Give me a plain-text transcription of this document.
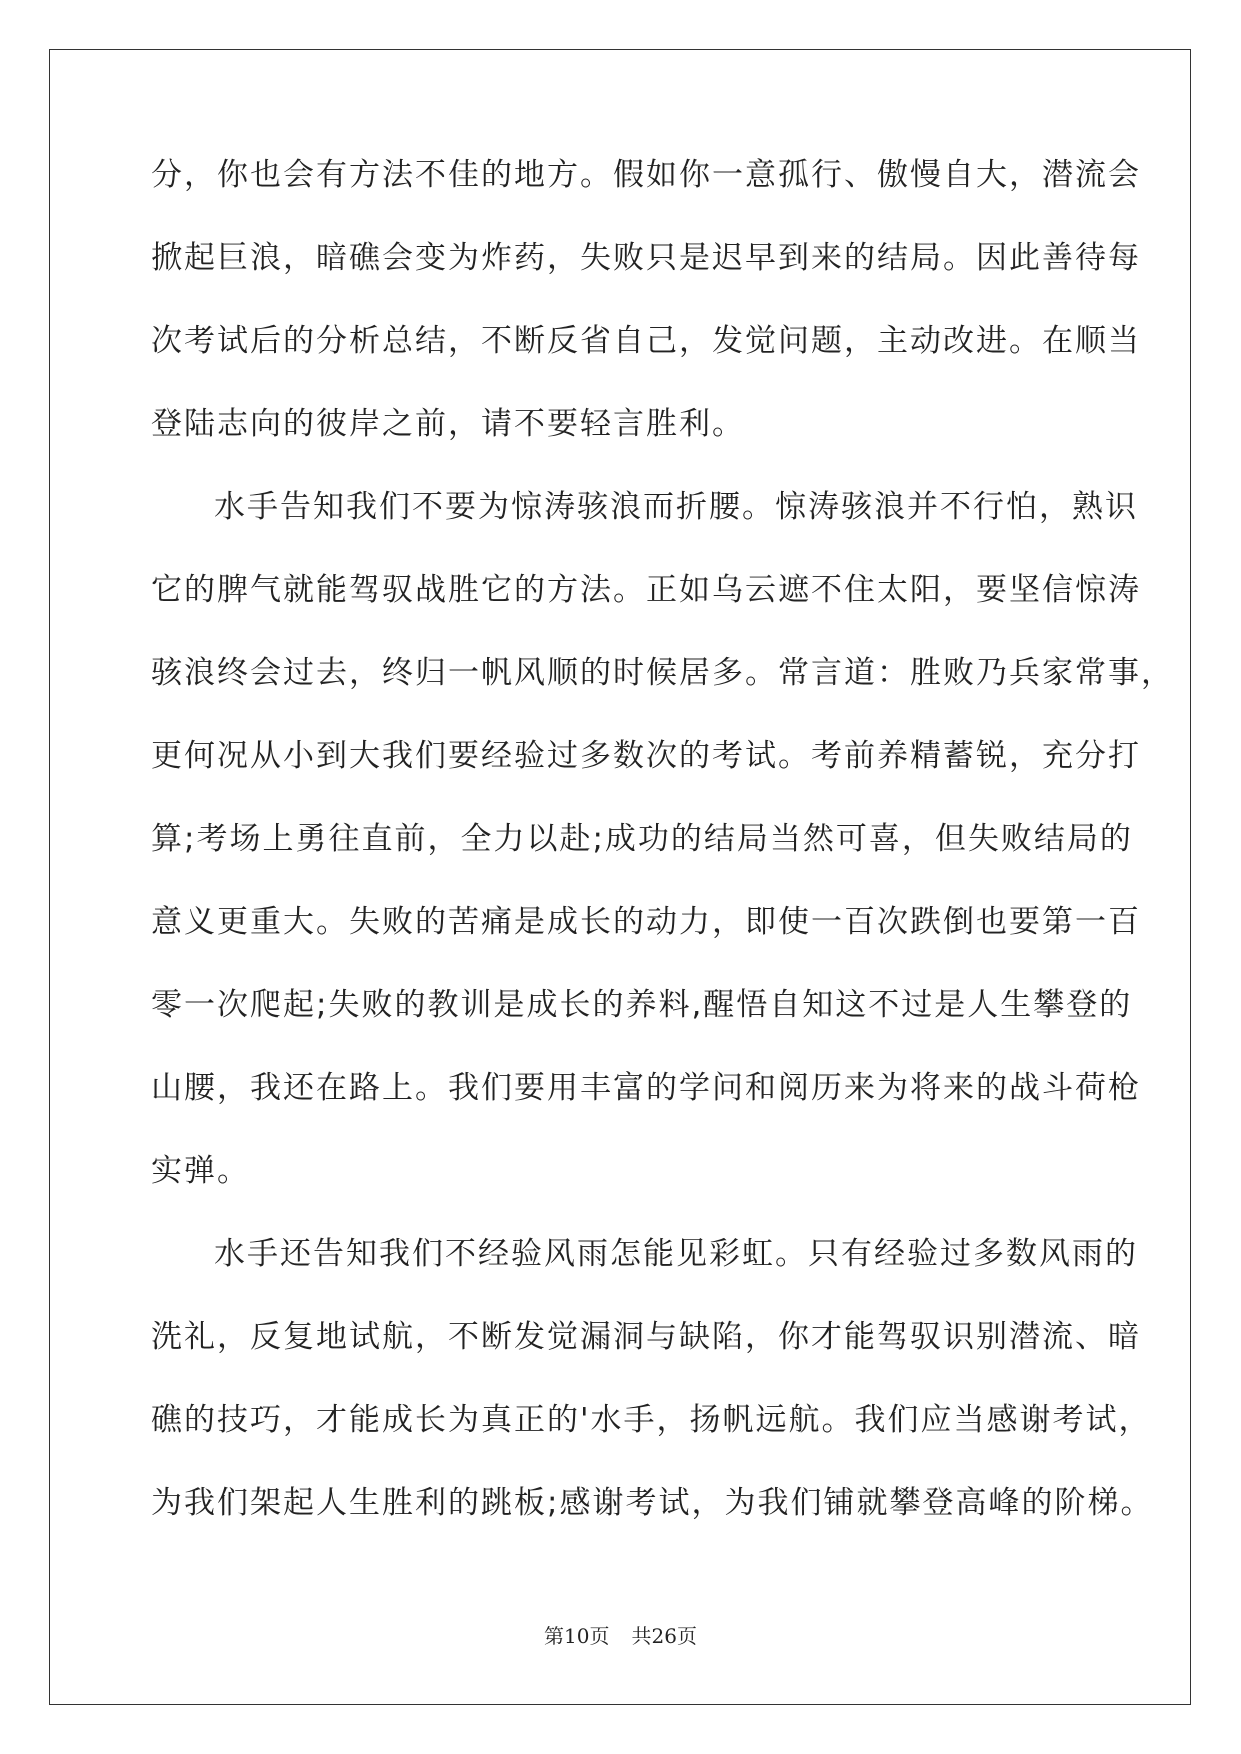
分，你也会有方法不佳的地方。假如你一意孤行、傲慢自大，潜流会
掀起巨浪，暗礁会变为炸药，失败只是迟早到来的结局。因此善待每
次考试后的分析总结，不断反省自己，发觉问题，主动改进。在顺当
登陆志向的彼岸之前，请不要轻言胜利。
水手告知我们不要为惊涛骇浪而折腰。惊涛骇浪并不行怕，熟识
它的脾气就能驾驭战胜它的方法。正如乌云遮不住太阳，要坚信惊涛
骇浪终会过去，终归一帆风顺的时候居多。常言道：胜败乃兵家常事，
更何况从小到大我们要经验过多数次的考试。考前养精蓄锐，充分打
算;考场上勇往直前，全力以赴;成功的结局当然可喜，但失败结局的
意义更重大。失败的苦痛是成长的动力，即使一百次跌倒也要第一百
零一次爬起;失败的教训是成长的养料,醒悟自知这不过是人生攀登的
山腰，我还在路上。我们要用丰富的学问和阅历来为将来的战斗荷枪
实弹。
水手还告知我们不经验风雨怎能见彩虹。只有经验过多数风雨的
洗礼，反复地试航，不断发觉漏洞与缺陷，你才能驾驭识别潜流、暗
礁的技巧，才能成长为真正的'水手，扬帆远航。我们应当感谢考试，
为我们架起人生胜利的跳板;感谢考试，为我们铺就攀登高峰的阶梯。
第10页 共26页
